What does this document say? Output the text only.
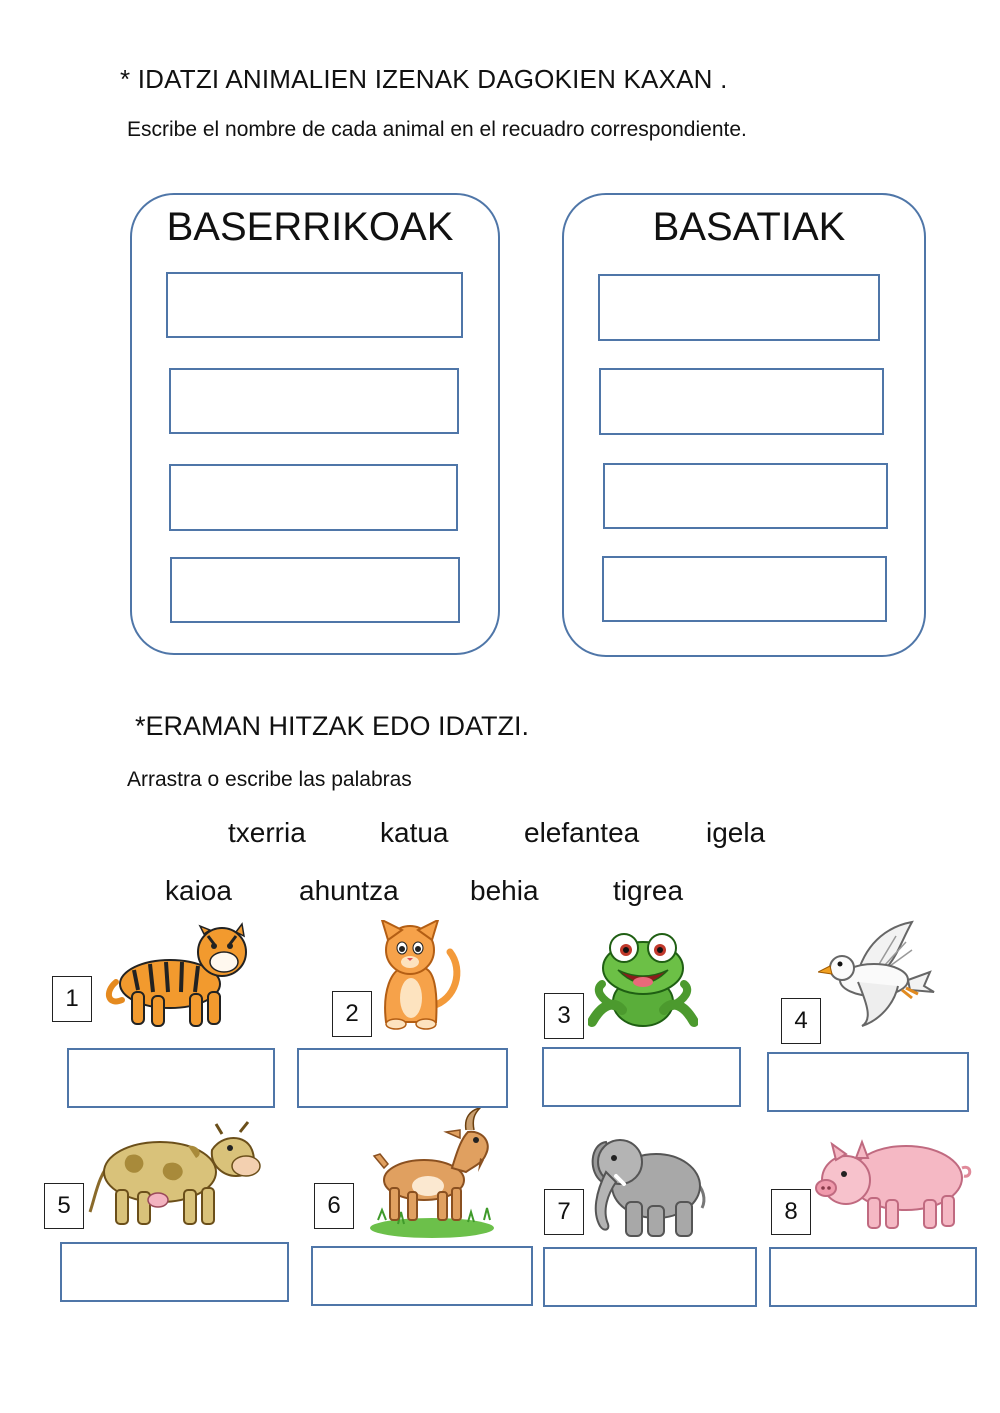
* IDATZI ANIMALIEN IZENAK DAGOKIEN KAXAN .
Escribe el nombre de cada animal en el recuadro correspondiente.
BASERRIKOAK	BASATIAK
*ERAMAN HITZAK EDO IDATZI.
Arrastra o escribe las palabras
txerria	katua	elefantea igela
kaioa ahuntza	behia	tigrea
1
2	3	4
5	6	7	8
